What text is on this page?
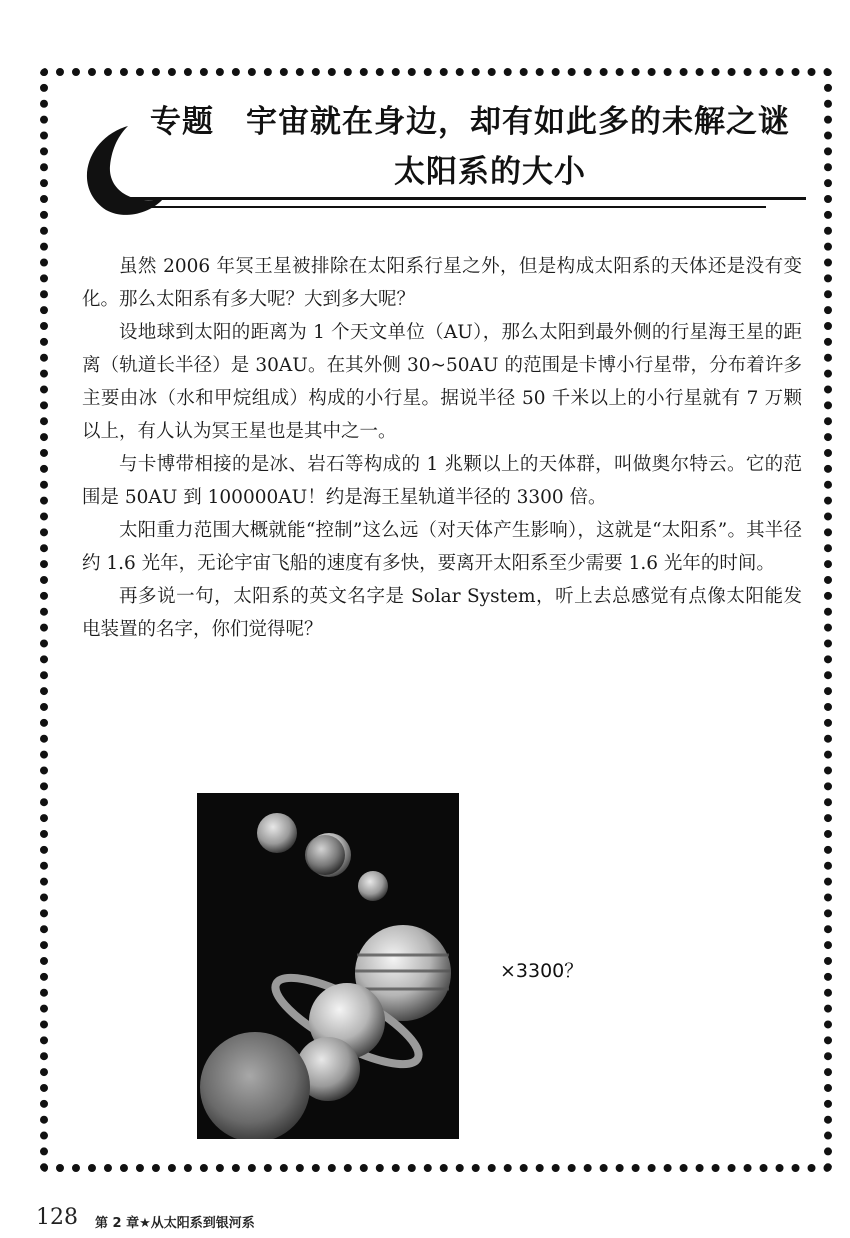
专题 宇宙就在身边，却有如此多的未解之谜
太阳系的大小

虽然 2006 年冥王星被排除在太阳系行星之外，但是构成太阳系的天体还是没有变化。那么太阳系有多大呢？大到多大呢？

设地球到太阳的距离为 1 个天文单位（AU），那么太阳到最外侧的行星海王星的距离（轨道长半径）是 30AU。在其外侧 30~50AU 的范围是卡博小行星带，分布着许多主要由冰（水和甲烷组成）构成的小行星。据说半径 50 千米以上的小行星就有 7 万颗以上，有人认为冥王星也是其中之一。

与卡博带相接的是冰、岩石等构成的 1 兆颗以上的天体群，叫做奥尔特云。它的范围是 50AU 到 100000AU！约是海王星轨道半径的 3300 倍。

太阳重力范围大概就能“控制”这么远（对天体产生影响），这就是“太阳系”。其半径约 1.6 光年，无论宇宙飞船的速度有多快，要离开太阳系至少需要 1.6 光年的时间。

再多说一句，太阳系的英文名字是 Solar System，听上去总感觉有点像太阳能发电装置的名字，你们觉得呢？

×3300？
128 第 2 章★从太阳系到银河系
